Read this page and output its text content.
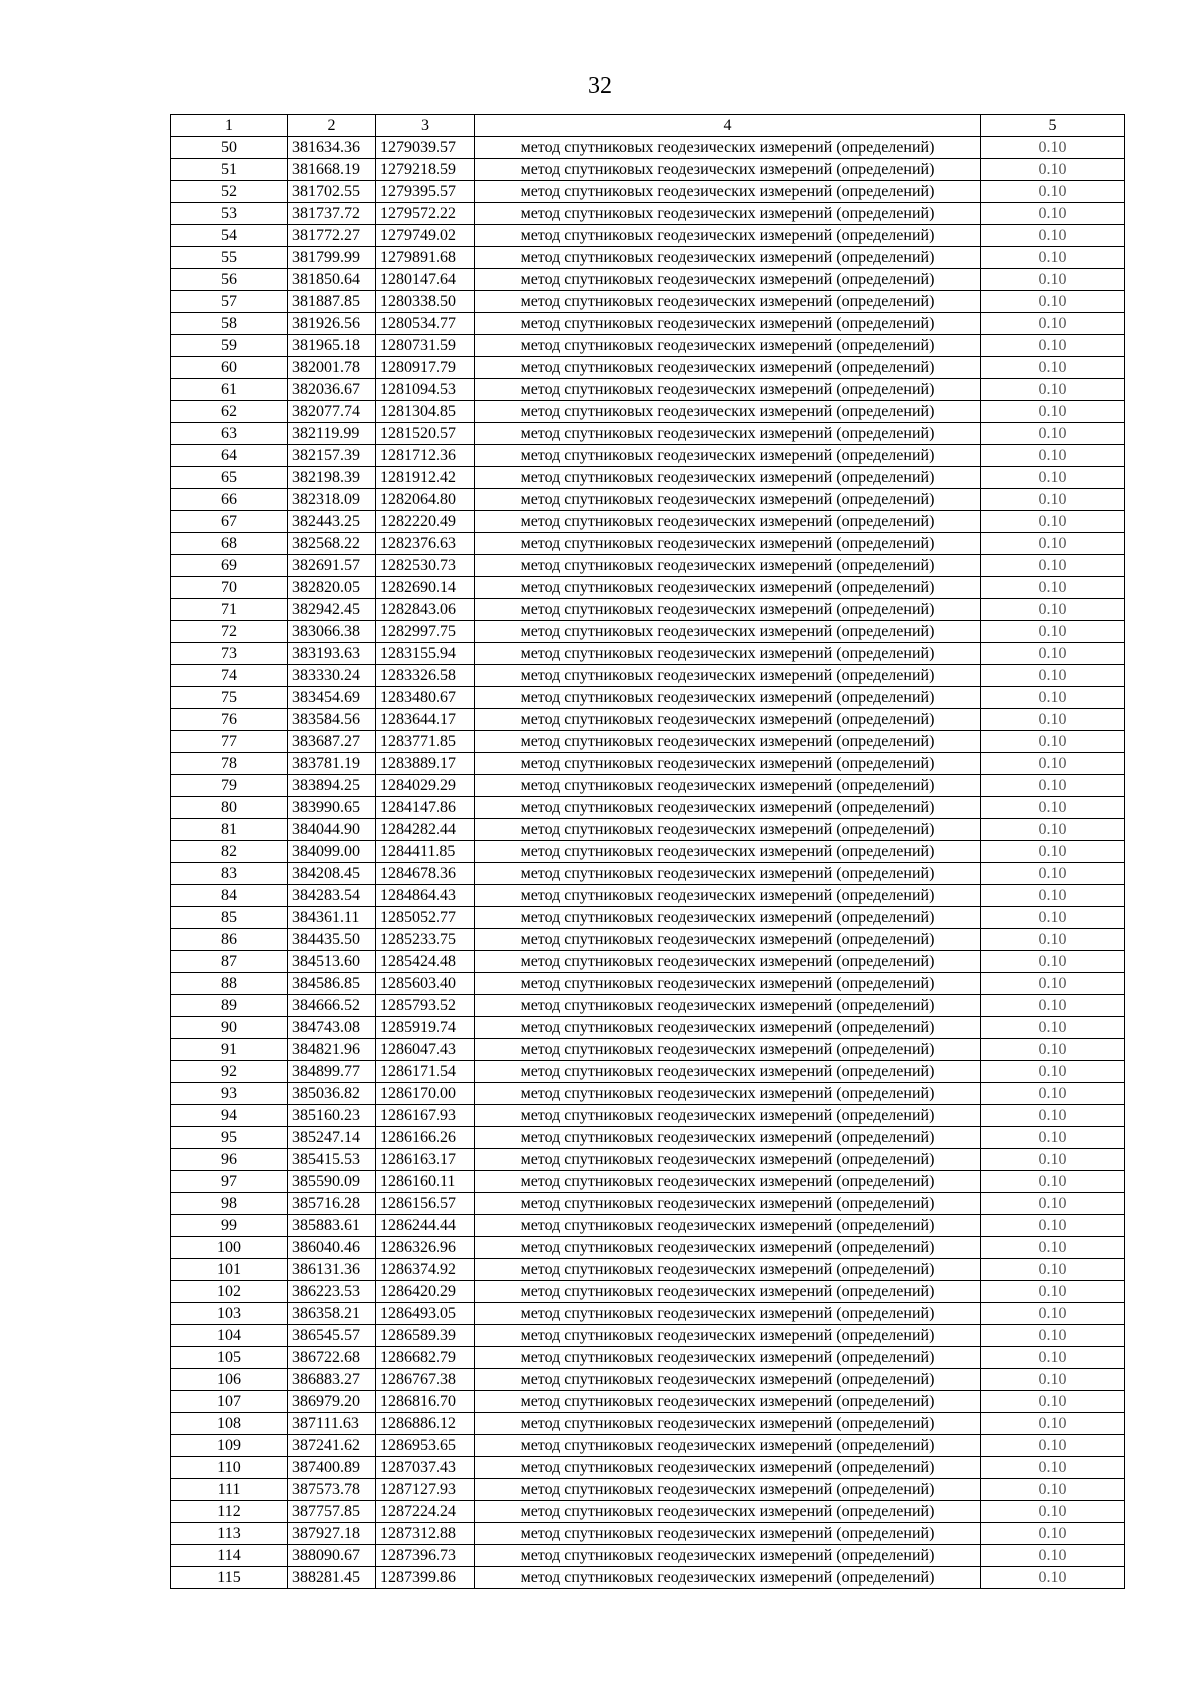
32
1	2	3	4	5
50	381634.36	1279039.57	метод спутниковых геодезических измерений (определений)	0.10
51	381668.19	1279218.59	метод спутниковых геодезических измерений (определений)	0.10
52	381702.55	1279395.57	метод спутниковых геодезических измерений (определений)	0.10
53	381737.72	1279572.22	метод спутниковых геодезических измерений (определений)	0.10
54	381772.27	1279749.02	метод спутниковых геодезических измерений (определений)	0.10
55	381799.99	1279891.68	метод спутниковых геодезических измерений (определений)	0.10
56	381850.64	1280147.64	метод спутниковых геодезических измерений (определений)	0.10
57	381887.85	1280338.50	метод спутниковых геодезических измерений (определений)	0.10
58	381926.56	1280534.77	метод спутниковых геодезических измерений (определений)	0.10
59	381965.18	1280731.59	метод спутниковых геодезических измерений (определений)	0.10
60	382001.78	1280917.79	метод спутниковых геодезических измерений (определений)	0.10
61	382036.67	1281094.53	метод спутниковых геодезических измерений (определений)	0.10
62	382077.74	1281304.85	метод спутниковых геодезических измерений (определений)	0.10
63	382119.99	1281520.57	метод спутниковых геодезических измерений (определений)	0.10
64	382157.39	1281712.36	метод спутниковых геодезических измерений (определений)	0.10
65	382198.39	1281912.42	метод спутниковых геодезических измерений (определений)	0.10
66	382318.09	1282064.80	метод спутниковых геодезических измерений (определений)	0.10
67	382443.25	1282220.49	метод спутниковых геодезических измерений (определений)	0.10
68	382568.22	1282376.63	метод спутниковых геодезических измерений (определений)	0.10
69	382691.57	1282530.73	метод спутниковых геодезических измерений (определений)	0.10
70	382820.05	1282690.14	метод спутниковых геодезических измерений (определений)	0.10
71	382942.45	1282843.06	метод спутниковых геодезических измерений (определений)	0.10
72	383066.38	1282997.75	метод спутниковых геодезических измерений (определений)	0.10
73	383193.63	1283155.94	метод спутниковых геодезических измерений (определений)	0.10
74	383330.24	1283326.58	метод спутниковых геодезических измерений (определений)	0.10
75	383454.69	1283480.67	метод спутниковых геодезических измерений (определений)	0.10
76	383584.56	1283644.17	метод спутниковых геодезических измерений (определений)	0.10
77	383687.27	1283771.85	метод спутниковых геодезических измерений (определений)	0.10
78	383781.19	1283889.17	метод спутниковых геодезических измерений (определений)	0.10
79	383894.25	1284029.29	метод спутниковых геодезических измерений (определений)	0.10
80	383990.65	1284147.86	метод спутниковых геодезических измерений (определений)	0.10
81	384044.90	1284282.44	метод спутниковых геодезических измерений (определений)	0.10
82	384099.00	1284411.85	метод спутниковых геодезических измерений (определений)	0.10
83	384208.45	1284678.36	метод спутниковых геодезических измерений (определений)	0.10
84	384283.54	1284864.43	метод спутниковых геодезических измерений (определений)	0.10
85	384361.11	1285052.77	метод спутниковых геодезических измерений (определений)	0.10
86	384435.50	1285233.75	метод спутниковых геодезических измерений (определений)	0.10
87	384513.60	1285424.48	метод спутниковых геодезических измерений (определений)	0.10
88	384586.85	1285603.40	метод спутниковых геодезических измерений (определений)	0.10
89	384666.52	1285793.52	метод спутниковых геодезических измерений (определений)	0.10
90	384743.08	1285919.74	метод спутниковых геодезических измерений (определений)	0.10
91	384821.96	1286047.43	метод спутниковых геодезических измерений (определений)	0.10
92	384899.77	1286171.54	метод спутниковых геодезических измерений (определений)	0.10
93	385036.82	1286170.00	метод спутниковых геодезических измерений (определений)	0.10
94	385160.23	1286167.93	метод спутниковых геодезических измерений (определений)	0.10
95	385247.14	1286166.26	метод спутниковых геодезических измерений (определений)	0.10
96	385415.53	1286163.17	метод спутниковых геодезических измерений (определений)	0.10
97	385590.09	1286160.11	метод спутниковых геодезических измерений (определений)	0.10
98	385716.28	1286156.57	метод спутниковых геодезических измерений (определений)	0.10
99	385883.61	1286244.44	метод спутниковых геодезических измерений (определений)	0.10
100	386040.46	1286326.96	метод спутниковых геодезических измерений (определений)	0.10
101	386131.36	1286374.92	метод спутниковых геодезических измерений (определений)	0.10
102	386223.53	1286420.29	метод спутниковых геодезических измерений (определений)	0.10
103	386358.21	1286493.05	метод спутниковых геодезических измерений (определений)	0.10
104	386545.57	1286589.39	метод спутниковых геодезических измерений (определений)	0.10
105	386722.68	1286682.79	метод спутниковых геодезических измерений (определений)	0.10
106	386883.27	1286767.38	метод спутниковых геодезических измерений (определений)	0.10
107	386979.20	1286816.70	метод спутниковых геодезических измерений (определений)	0.10
108	387111.63	1286886.12	метод спутниковых геодезических измерений (определений)	0.10
109	387241.62	1286953.65	метод спутниковых геодезических измерений (определений)	0.10
110	387400.89	1287037.43	метод спутниковых геодезических измерений (определений)	0.10
111	387573.78	1287127.93	метод спутниковых геодезических измерений (определений)	0.10
112	387757.85	1287224.24	метод спутниковых геодезических измерений (определений)	0.10
113	387927.18	1287312.88	метод спутниковых геодезических измерений (определений)	0.10
114	388090.67	1287396.73	метод спутниковых геодезических измерений (определений)	0.10
115	388281.45	1287399.86	метод спутниковых геодезических измерений (определений)	0.10
